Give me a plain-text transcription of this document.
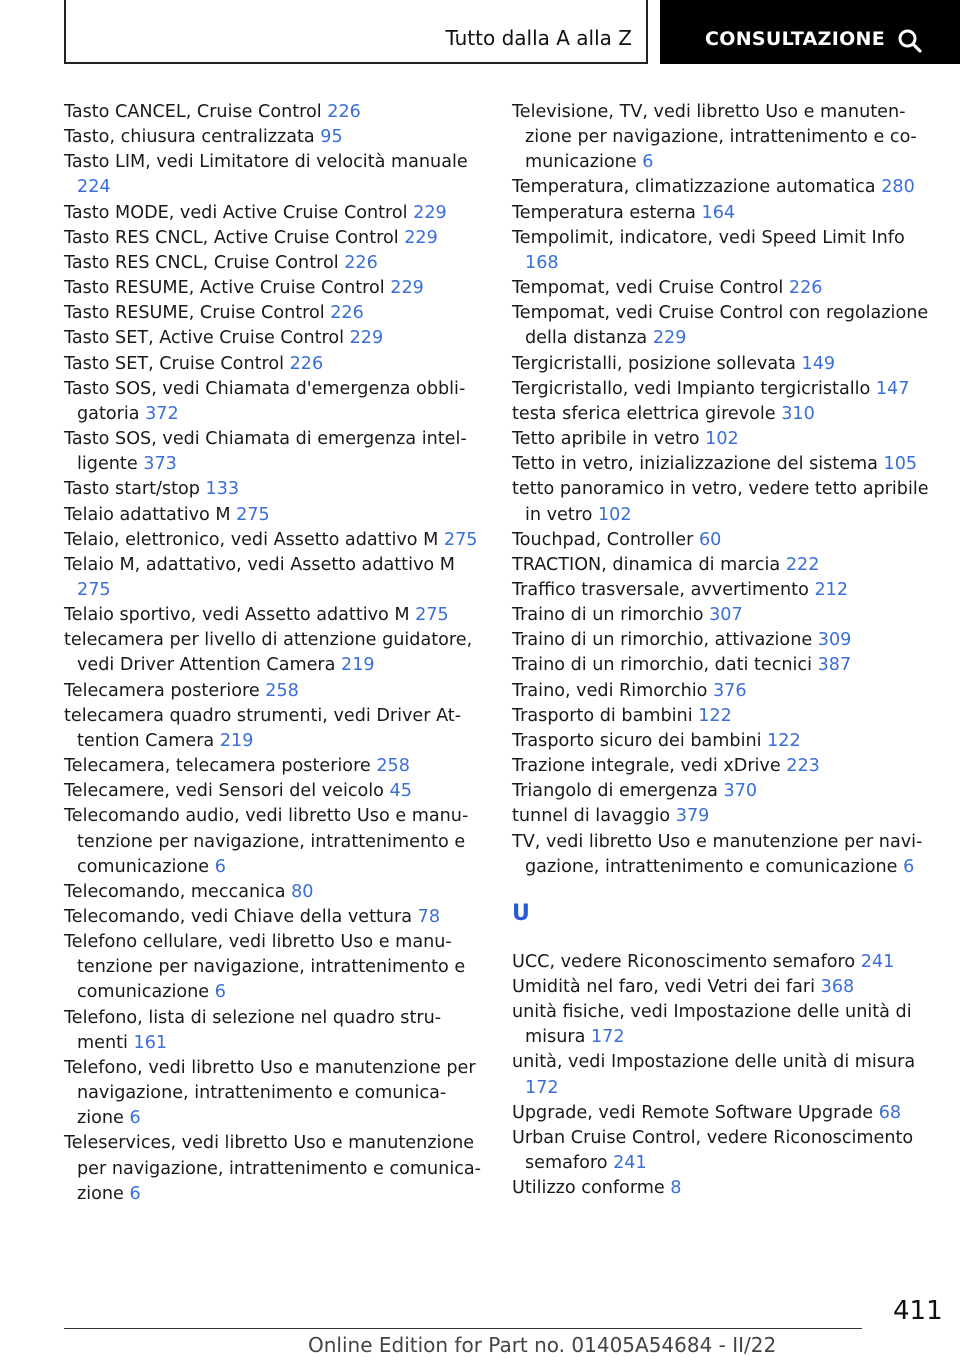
Tutto dalla A alla Z	CONSULTAZIONE
Tasto CANCEL, Cruise Control 226
Tasto, chiusura centralizzata 95
Tasto LIM, vedi Limitatore di velocità manuale 224
Tasto MODE, vedi Active Cruise Control 229
Tasto RES CNCL, Active Cruise Control 229
Tasto RES CNCL, Cruise Control 226
Tasto RESUME, Active Cruise Control 229
Tasto RESUME, Cruise Control 226
Tasto SET, Active Cruise Control 229
Tasto SET, Cruise Control 226
Tasto SOS, vedi Chiamata d'emergenza obbligatoria 372
Tasto SOS, vedi Chiamata di emergenza intelligente 373
Tasto start/stop 133
Telaio adattativo M 275
Telaio, elettronico, vedi Assetto adattivo M 275
Telaio M, adattativo, vedi Assetto adattivo M 275
Telaio sportivo, vedi Assetto adattivo M 275
telecamera per livello di attenzione guidatore, vedi Driver Attention Camera 219
Telecamera posteriore 258
telecamera quadro strumenti, vedi Driver Attention Camera 219
Telecamera, telecamera posteriore 258
Telecamere, vedi Sensori del veicolo 45
Telecomando audio, vedi libretto Uso e manutenzione per navigazione, intrattenimento e comunicazione 6
Telecomando, meccanica 80
Telecomando, vedi Chiave della vettura 78
Telefono cellulare, vedi libretto Uso e manutenzione per navigazione, intrattenimento e comunicazione 6
Telefono, lista di selezione nel quadro strumenti 161
Telefono, vedi libretto Uso e manutenzione per navigazione, intrattenimento e comunicazione 6
Teleservices, vedi libretto Uso e manutenzione per navigazione, intrattenimento e comunicazione 6
Televisione, TV, vedi libretto Uso e manutenzione per navigazione, intrattenimento e comunicazione 6
Temperatura, climatizzazione automatica 280
Temperatura esterna 164
Tempolimit, indicatore, vedi Speed Limit Info 168
Tempomat, vedi Cruise Control 226
Tempomat, vedi Cruise Control con regolazione della distanza 229
Tergicristalli, posizione sollevata 149
Tergicristallo, vedi Impianto tergicristallo 147
testa sferica elettrica girevole 310
Tetto apribile in vetro 102
Tetto in vetro, inizializzazione del sistema 105
tetto panoramico in vetro, vedere tetto apribile in vetro 102
Touchpad, Controller 60
TRACTION, dinamica di marcia 222
Traffico trasversale, avvertimento 212
Traino di un rimorchio 307
Traino di un rimorchio, attivazione 309
Traino di un rimorchio, dati tecnici 387
Traino, vedi Rimorchio 376
Trasporto di bambini 122
Trasporto sicuro dei bambini 122
Trazione integrale, vedi xDrive 223
Triangolo di emergenza 370
tunnel di lavaggio 379
TV, vedi libretto Uso e manutenzione per navigazione, intrattenimento e comunicazione 6
U
UCC, vedere Riconoscimento semaforo 241
Umidità nel faro, vedi Vetri dei fari 368
unità fisiche, vedi Impostazione delle unità di misura 172
unità, vedi Impostazione delle unità di misura 172
Upgrade, vedi Remote Software Upgrade 68
Urban Cruise Control, vedere Riconoscimento semaforo 241
Utilizzo conforme 8
411
Online Edition for Part no. 01405A54684 - II/22
